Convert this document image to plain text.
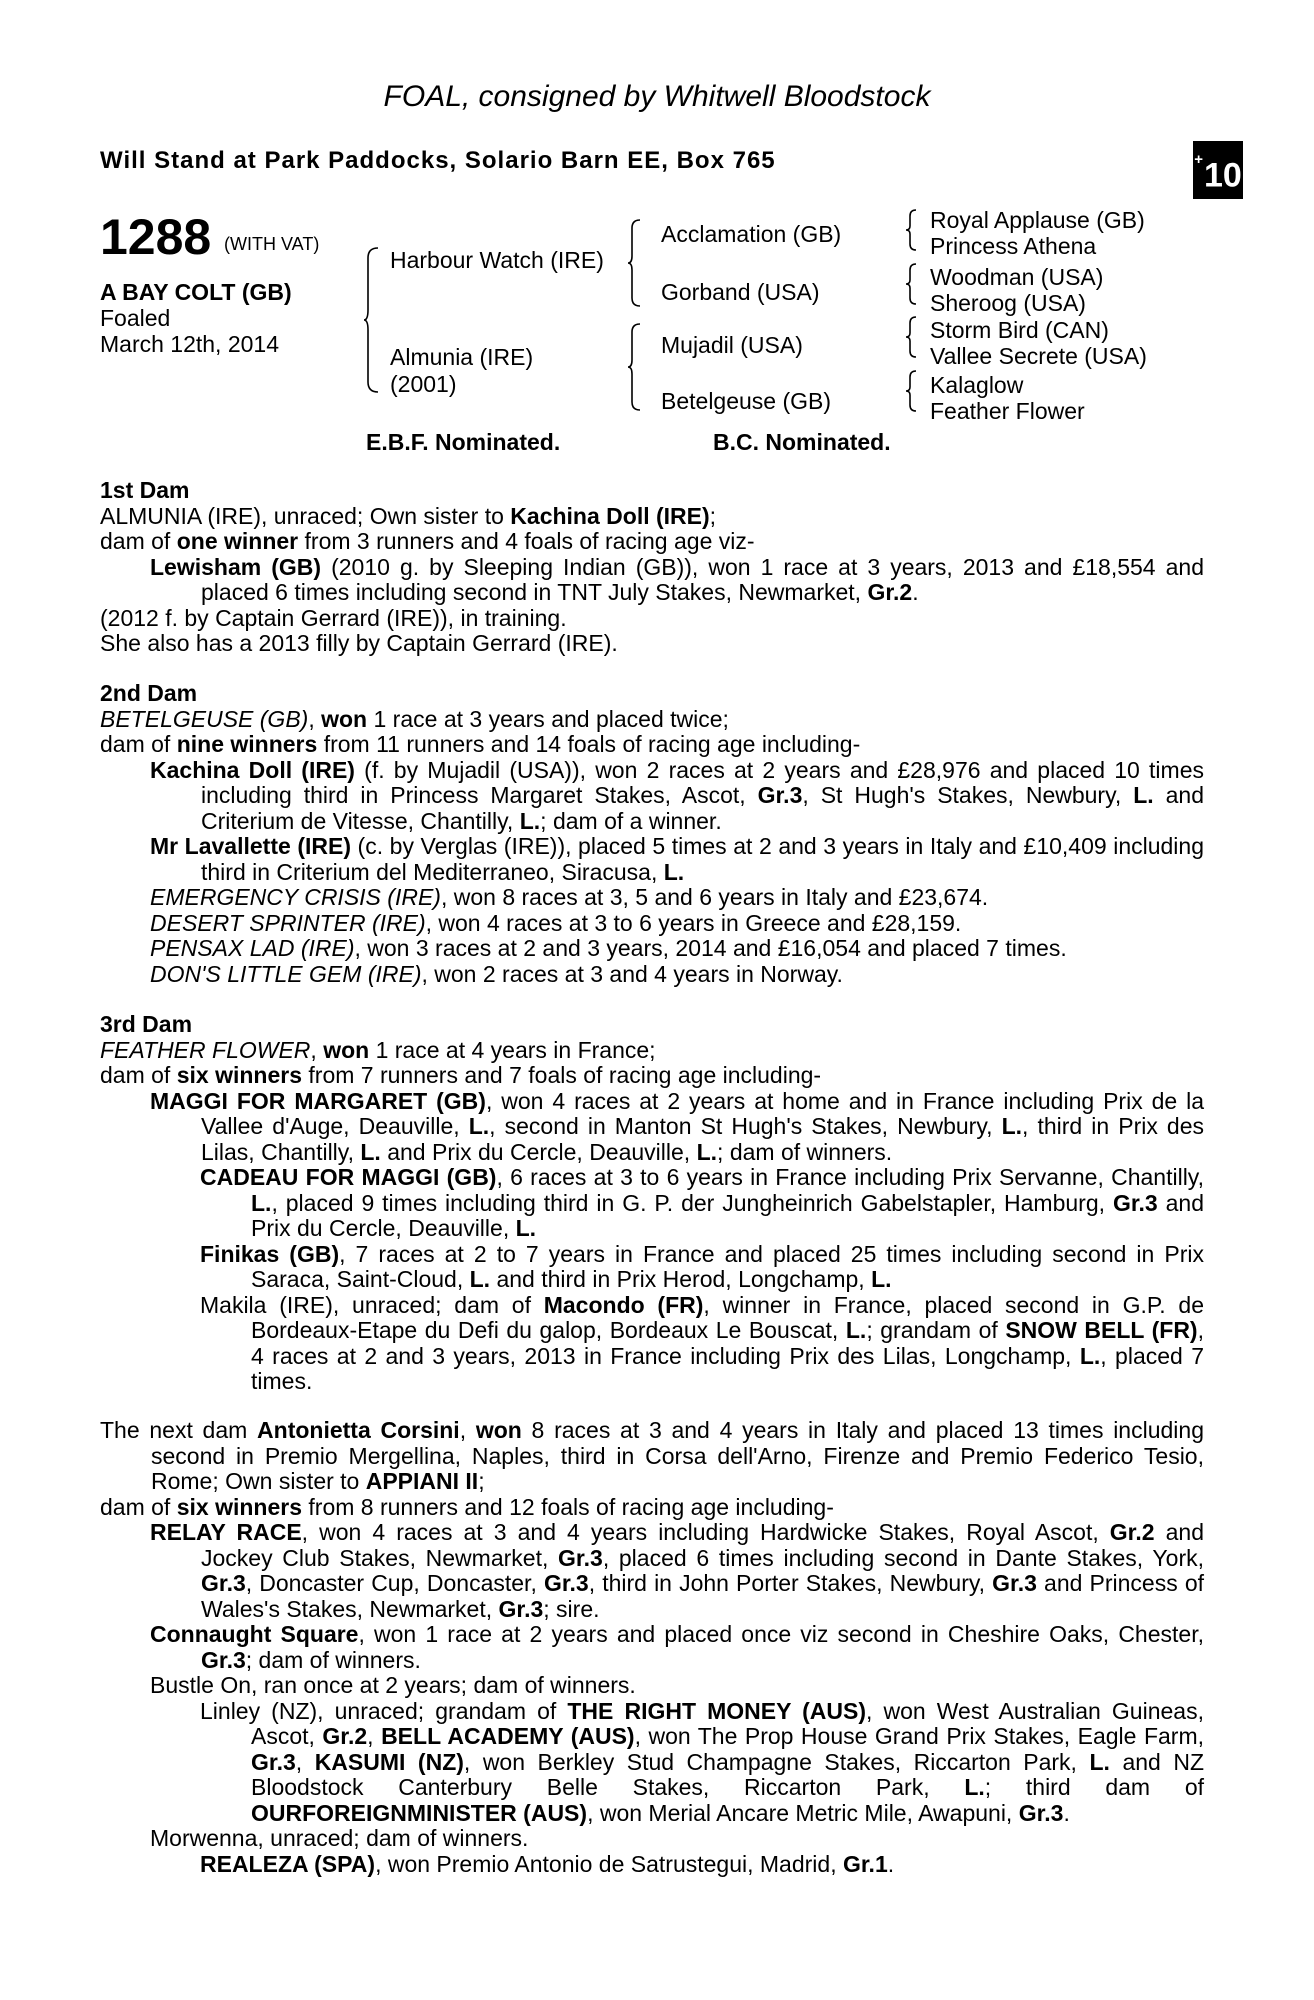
FOAL, consigned by Whitwell Bloodstock
Will Stand at Park Paddocks, Solario Barn EE, Box 765	+10
1288 (WITH VAT)
A BAY COLT (GB)
Foaled
March 12th, 2014
Harbour Watch (IRE)
Almunia (IRE)
(2001)
Acclamation (GB)
Gorband (USA)
Mujadil (USA)
Betelgeuse (GB)
Royal Applause (GB)
Princess Athena
Woodman (USA)
Sheroog (USA)
Storm Bird (CAN)
Vallee Secrete (USA)
Kalaglow
Feather Flower
E.B.F. Nominated.	B.C. Nominated.

1st Dam

ALMUNIA (IRE), unraced; Own sister to Kachina Doll (IRE);

dam of one winner from 3 runners and 4 foals of racing age viz-

Lewisham (GB) (2010 g. by Sleeping Indian (GB)), won 1 race at 3 years, 2013 and £18,554 and placed 6 times including second in TNT July Stakes, Newmarket, Gr.2.

(2012 f. by Captain Gerrard (IRE)), in training.

She also has a 2013 filly by Captain Gerrard (IRE).

2nd Dam

BETELGEUSE (GB), won 1 race at 3 years and placed twice;

dam of nine winners from 11 runners and 14 foals of racing age including-

Kachina Doll (IRE) (f. by Mujadil (USA)), won 2 races at 2 years and £28,976 and placed 10 times including third in Princess Margaret Stakes, Ascot, Gr.3, St Hugh's Stakes, Newbury, L. and Criterium de Vitesse, Chantilly, L.; dam of a winner.

Mr Lavallette (IRE) (c. by Verglas (IRE)), placed 5 times at 2 and 3 years in Italy and £10,409 including third in Criterium del Mediterraneo, Siracusa, L.

EMERGENCY CRISIS (IRE), won 8 races at 3, 5 and 6 years in Italy and £23,674.

DESERT SPRINTER (IRE), won 4 races at 3 to 6 years in Greece and £28,159.

PENSAX LAD (IRE), won 3 races at 2 and 3 years, 2014 and £16,054 and placed 7 times.

DON'S LITTLE GEM (IRE), won 2 races at 3 and 4 years in Norway.

3rd Dam

FEATHER FLOWER, won 1 race at 4 years in France;

dam of six winners from 7 runners and 7 foals of racing age including-

MAGGI FOR MARGARET (GB), won 4 races at 2 years at home and in France including Prix de la Vallee d'Auge, Deauville, L., second in Manton St Hugh's Stakes, Newbury, L., third in Prix des Lilas, Chantilly, L. and Prix du Cercle, Deauville, L.; dam of winners.

CADEAU FOR MAGGI (GB), 6 races at 3 to 6 years in France including Prix Servanne, Chantilly, L., placed 9 times including third in G. P. der Jungheinrich Gabelstapler, Hamburg, Gr.3 and Prix du Cercle, Deauville, L.

Finikas (GB), 7 races at 2 to 7 years in France and placed 25 times including second in Prix Saraca, Saint-Cloud, L. and third in Prix Herod, Longchamp, L.

Makila (IRE), unraced; dam of Macondo (FR), winner in France, placed second in G.P. de Bordeaux-Etape du Defi du galop, Bordeaux Le Bouscat, L.; grandam of SNOW BELL (FR), 4 races at 2 and 3 years, 2013 in France including Prix des Lilas, Longchamp, L., placed 7 times.

The next dam Antonietta Corsini, won 8 races at 3 and 4 years in Italy and placed 13 times including second in Premio Mergellina, Naples, third in Corsa dell'Arno, Firenze and Premio Federico Tesio, Rome; Own sister to APPIANI II;

dam of six winners from 8 runners and 12 foals of racing age including-

RELAY RACE, won 4 races at 3 and 4 years including Hardwicke Stakes, Royal Ascot, Gr.2 and Jockey Club Stakes, Newmarket, Gr.3, placed 6 times including second in Dante Stakes, York, Gr.3, Doncaster Cup, Doncaster, Gr.3, third in John Porter Stakes, Newbury, Gr.3 and Princess of Wales's Stakes, Newmarket, Gr.3; sire.

Connaught Square, won 1 race at 2 years and placed once viz second in Cheshire Oaks, Chester, Gr.3; dam of winners.

Bustle On, ran once at 2 years; dam of winners.

Linley (NZ), unraced; grandam of THE RIGHT MONEY (AUS), won West Australian Guineas, Ascot, Gr.2, BELL ACADEMY (AUS), won The Prop House Grand Prix Stakes, Eagle Farm, Gr.3, KASUMI (NZ), won Berkley Stud Champagne Stakes, Riccarton Park, L. and NZ Bloodstock Canterbury Belle Stakes, Riccarton Park, L.; third dam of OURFOREIGNMINISTER (AUS), won Merial Ancare Metric Mile, Awapuni, Gr.3.

Morwenna, unraced; dam of winners.

REALEZA (SPA), won Premio Antonio de Satrustegui, Madrid, Gr.1.
